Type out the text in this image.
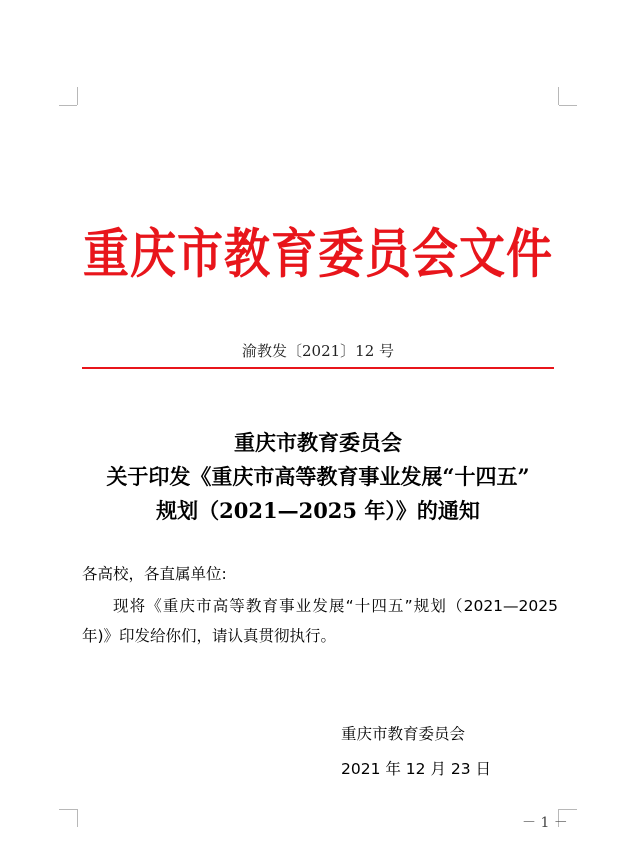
重庆市教育委员会文件
渝教发〔2021〕12 号
重庆市教育委员会
关于印发《重庆市高等教育事业发展“十四五”
规划（2021—2025 年）》的通知
各高校，各直属单位:
现将《重庆市高等教育事业发展“十四五”规划（2021—2025 年)》印发给你们，请认真贯彻执行。
重庆市教育委员会
2021 年 12 月 23 日
－ 1 －
